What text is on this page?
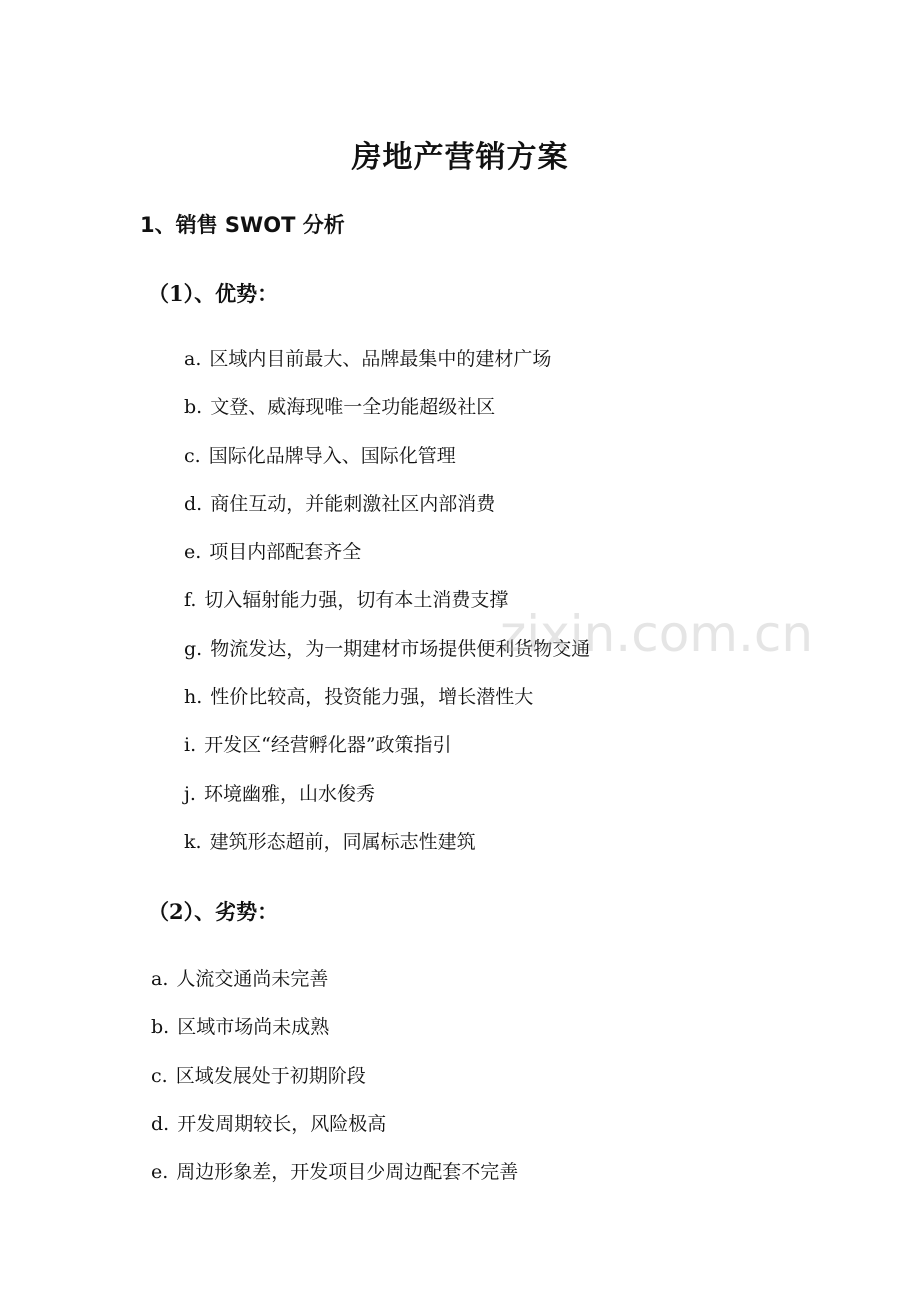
房地产营销方案
1、销售 SWOT 分析
（1）、优势：
a. 区域内目前最大、品牌最集中的建材广场
b. 文登、威海现唯一全功能超级社区
c. 国际化品牌导入、国际化管理
d. 商住互动，并能刺激社区内部消费
e. 项目内部配套齐全
f. 切入辐射能力强，切有本土消费支撑
g. 物流发达，为一期建材市场提供便利货物交通
h. 性价比较高，投资能力强，增长潜性大
i. 开发区“经营孵化器”政策指引
j. 环境幽雅，山水俊秀
k. 建筑形态超前，同属标志性建筑
（2）、劣势：
a. 人流交通尚未完善
b. 区域市场尚未成熟
c. 区域发展处于初期阶段
d. 开发周期较长，风险极高
e. 周边形象差，开发项目少周边配套不完善
zixin.com.cn
